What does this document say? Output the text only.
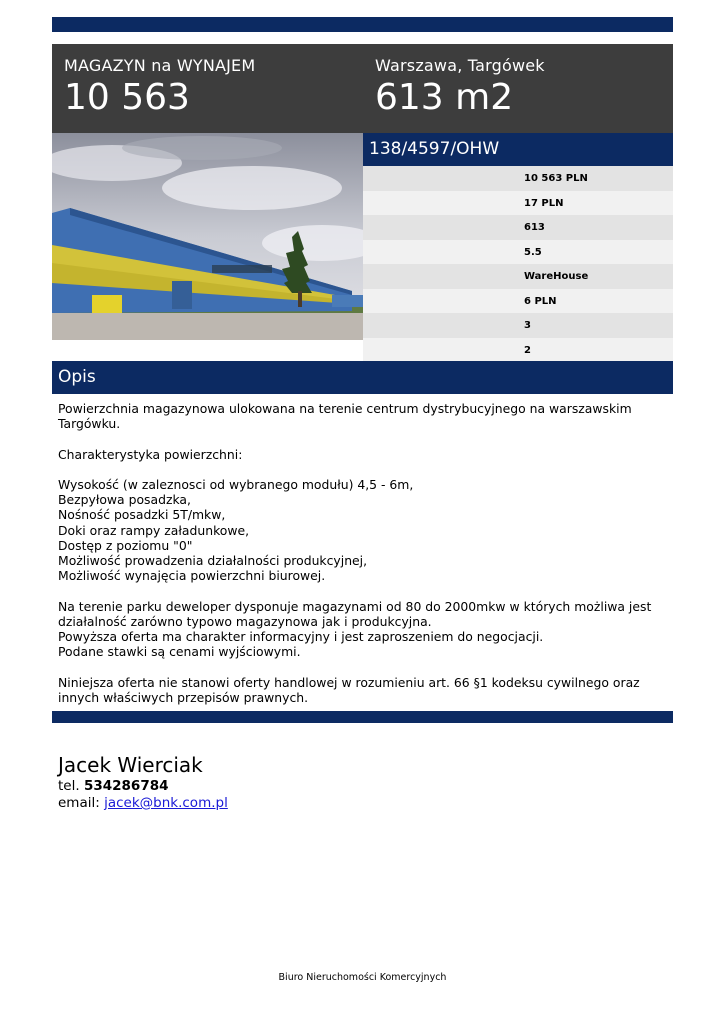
MAGAZYN na WYNAJEM
10 563
Warszawa, Targówek
613 m2
138/4597/OHW
10 563 PLN
17 PLN
613
5.5
WareHouse
6 PLN
3
2
Opis

Powierzchnia magazynowa ulokowana na terenie centrum dystrybucyjnego na warszawskim

Targówku.

Charakterystyka powierzchni:

Wysokość (w zaleznosci od wybranego modułu) 4,5 - 6m,

Bezpyłowa posadzka,

Nośność posadzki 5T/mkw,

Doki oraz rampy załadunkowe,

Dostęp z poziomu "0"

Możliwość prowadzenia działalności produkcyjnej,

Możliwość wynajęcia powierzchni biurowej.

Na terenie parku deweloper dysponuje magazynami od 80 do 2000mkw w których możliwa jest

działalność zarówno typowo magazynowa jak i produkcyjna.

Powyższa oferta ma charakter informacyjny i jest zaproszeniem do negocjacji.

Podane stawki są cenami wyjściowymi.

Niniejsza oferta nie stanowi oferty handlowej w rozumieniu art. 66 §1 kodeksu cywilnego oraz

innych właściwych przepisów prawnych.

Jacek Wierciak
tel. 534286784
email: jacek@bnk.com.pl
Biuro Nieruchomości Komercyjnych
